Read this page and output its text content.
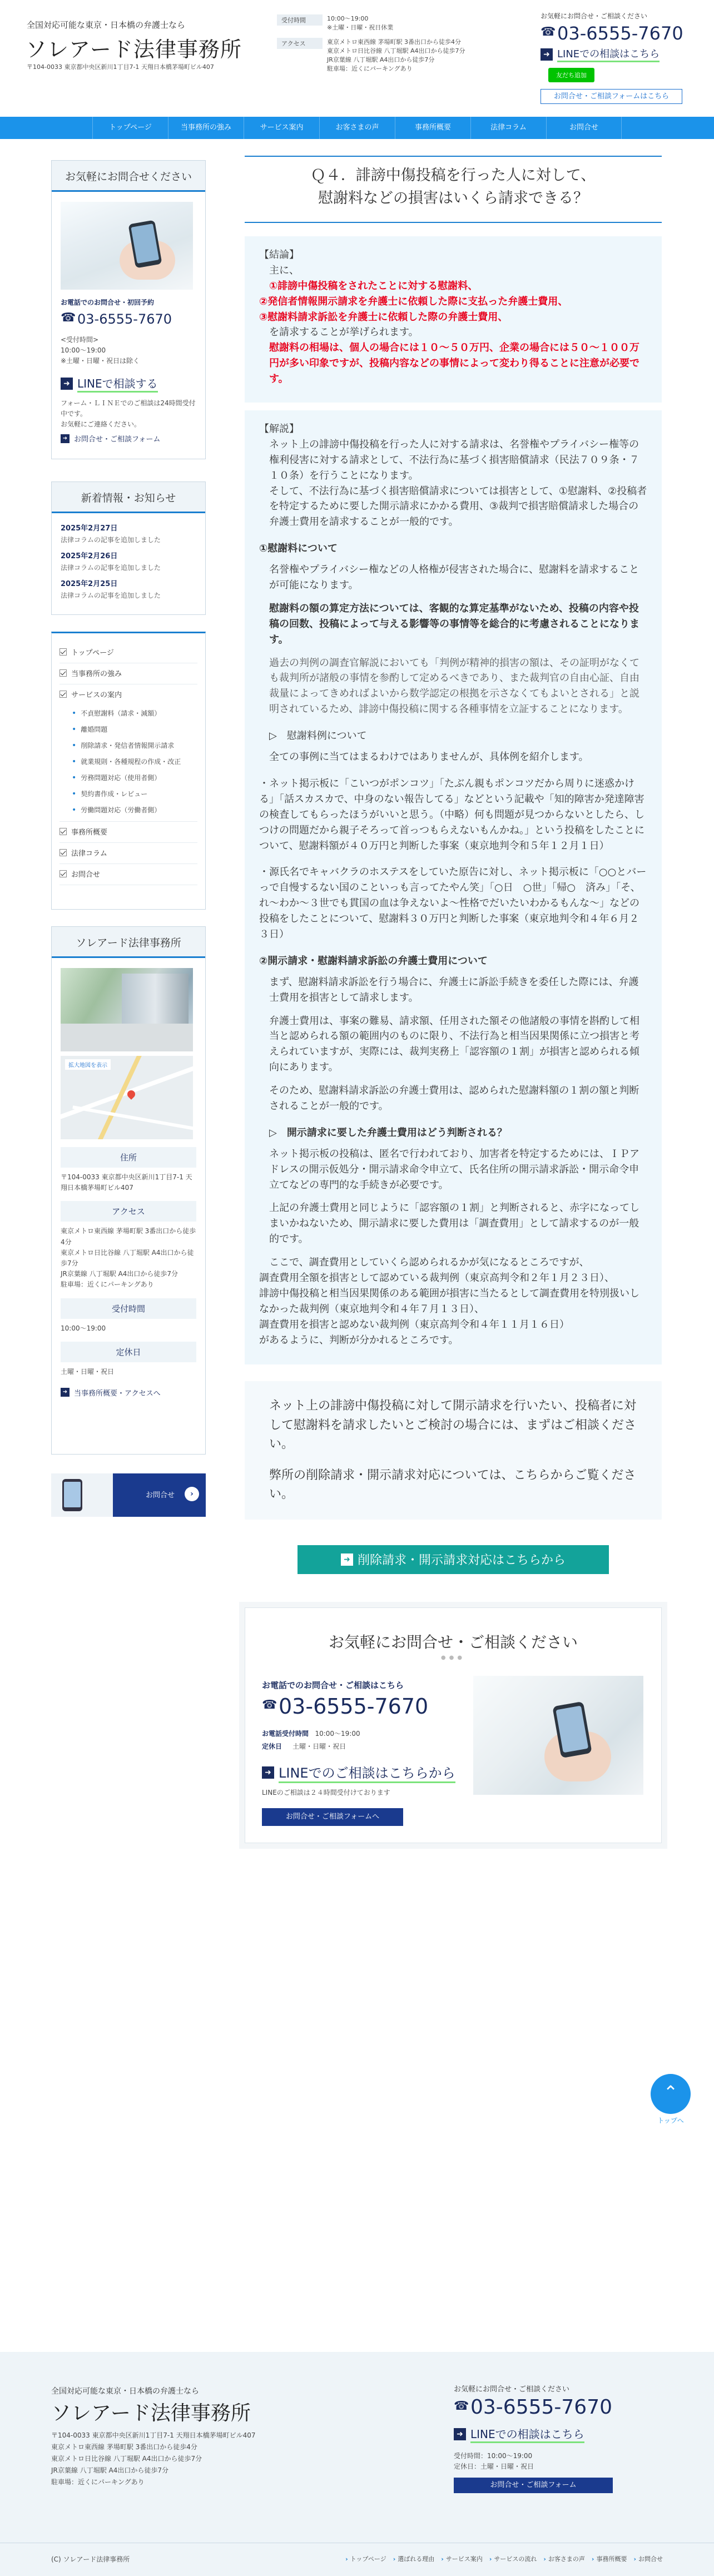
全国対応可能な東京・日本橋の弁護士なら
ソレアード法律事務所
〒104-0033 東京都中央区新川1丁目7-1 天翔日本橋茅場町ビル407
受付時間	10:00〜19:00
※土曜・日曜・祝日休業
アクセス	東京メトロ東西線 茅場町駅 3番出口から徒歩4分
東京メトロ日比谷線 八丁堀駅 A4出口から徒歩7分
JR京葉線 八丁堀駅 A4出口から徒歩7分
駐車場：近くにパーキングあり
お気軽にお問合せ・ご相談ください
☎
03-6555-7670
➜ LINEでの相談はこちら
友だち追加
お問合せ・ご相談フォームはこちら
トップページ	当事務所の強み	サービス案内	お客さまの声	事務所概要	法律コラム	お問合せ
お気軽にお問合せください
お電話でのお問合せ・初回予約
☎
03-6555-7670
<受付時間>
10:00〜19:00
※土曜・日曜・祝日は除く
➜ LINEで相談する
フォーム・ＬＩＮＥでのご相談は24時間受付中です。
お気軽にご連絡ください。
➜ お問合せ・ご相談フォーム
新着情報・お知らせ
2025年2月27日
法律コラムの記事を追加しました
2025年2月26日
法律コラムの記事を追加しました
2025年2月25日
法律コラムの記事を追加しました
トップページ
当事務所の強み
サービスの案内
• 不貞慰謝料（請求・減額）
• 離婚問題
• 削除請求・発信者情報開示請求
• 就業規則・各種規程の作成・改正
• 労務問題対応（使用者側）
• 契約書作成・レビュー
• 労働問題対応（労働者側）
事務所概要
法律コラム
お問合せ
ソレアード法律事務所
拡大地図を表示
住所
〒104-0033 東京都中央区新川1丁目7-1 天翔日本橋茅場町ビル407
アクセス
東京メトロ東西線 茅場町駅 3番出口から徒歩4分
東京メトロ日比谷線 八丁堀駅 A4出口から徒歩7分
JR京葉線 八丁堀駅 A4出口から徒歩7分
駐車場：近くにパーキングあり
受付時間
10:00〜19:00
定休日
土曜・日曜・祝日
➜ 当事務所概要・アクセスへ
お問合せ	›
Ｑ４．誹謗中傷投稿を行った人に対して、
慰謝料などの損害はいくら請求できる？
【結論】
主に、
①誹謗中傷投稿をされたことに対する慰謝料、
②発信者情報開示請求を弁護士に依頼した際に支払った弁護士費用、
③慰謝料請求訴訟を弁護士に依頼した際の弁護士費用、
を請求することが挙げられます。
慰謝料の相場は、個人の場合には１０〜５０万円、企業の場合には５０〜１００万円が多い印象ですが、投稿内容などの事情によって変わり得ることに注意が必要です。

【解説】

ネット上の誹謗中傷投稿を行った人に対する請求は、名誉権やプライバシー権等の権利侵害に対する請求として、不法行為に基づく損害賠償請求（民法７０９条・７１０条）を行うことになります。

そして、不法行為に基づく損害賠償請求については損害として、①慰謝料、②投稿者を特定するために要した開示請求にかかる費用、③裁判で損害賠償請求した場合の弁護士費用を請求することが一般的です。

①慰謝料について

名誉権やプライバシー権などの人格権が侵害された場合に、慰謝料を請求することが可能になります。

慰謝料の額の算定方法については、客観的な算定基準がないため、投稿の内容や投稿の回数、投稿によって与える影響等の事情等を総合的に考慮されることになります。

過去の判例の調査官解説においても「判例が精神的損害の額は、その証明がなくても裁判所が諸般の事情を参酌して定めるべきであり、また裁判官の自由心証、自由裁量によってきめればよいから数学認定の根拠を示さなくてもよいとされる」と説明されているため、誹謗中傷投稿に関する各種事情を立証することになります。

▷　慰謝料例について

全ての事例に当てはまるわけではありませんが、具体例を紹介します。

・ネット掲示板に「こいつがポンコツ」「たぶん親もポンコツだから周りに迷惑かける」「話スカスカで、中身のない報告してる」などという記載や「知的障害か発達障害の検査してもらったほうがいいと思う。（中略）何も問題が見つからないとしたら、しつけの問題だから親子そろって首っつもらえないもんかね。」という投稿をしたことについて、慰謝料額が４０万円と判断した事案（東京地判令和５年１２月１日）

・源氏名でキャバクラのホステスをしていた原告に対し、ネット掲示板に「○○とバーっで自慢するない国のこといっも言ってたやん笑」「○日　○世」「帰○　済み」「そ、れ〜わか〜３世でも貫国の血は争えないよ〜性格でだいたいわかるもんな〜」などの投稿をしたことについて、慰謝料３０万円と判断した事案（東京地判令和４年６月２３日）

②開示請求・慰謝料請求訴訟の弁護士費用について

まず、慰謝料請求訴訟を行う場合に、弁護士に訴訟手続きを委任した際には、弁護士費用を損害として請求します。

弁護士費用は、事案の難易、請求額、任用された額その他諸般の事情を斟酌して相当と認められる額の範囲内のものに限り、不法行為と相当因果関係に立つ損害と考えられていますが、実際には、裁判実務上「認容額の１割」が損害と認められる傾向にあります。

そのため、慰謝料請求訴訟の弁護士費用は、認められた慰謝料額の１割の額と判断されることが一般的です。

▷　開示請求に要した弁護士費用はどう判断される？

ネット掲示板の投稿は、匿名で行われており、加害者を特定するためには、ＩＰアドレスの開示仮処分・開示請求命令申立て、氏名住所の開示請求訴訟・開示命令申立てなどの専門的な手続きが必要です。

上記の弁護士費用と同じように「認容額の１割」と判断されると、赤字になってしまいかねないため、開示請求に要した費用は「調査費用」として請求するのが一般的です。

ここで、調査費用としていくら認められるかが気になるところですが、

調査費用全額を損害として認めている裁判例（東京高判令和２年１月２３日）、

誹謗中傷投稿と相当因果関係のある範囲が損害に当たるとして調査費用を特別扱いしなかった裁判例（東京地判令和４年７月１３日）、

調査費用を損害と認めない裁判例（東京高判令和４年１１月１６日）

があるように、判断が分かれるところです。

ネット上の誹謗中傷投稿に対して開示請求を行いたい、投稿者に対して慰謝料を請求したいとご検討の場合には、まずはご相談ください。

弊所の削除請求・開示請求対応については、こちらからご覧ください。

➜ 削除請求・開示請求対応はこちらから
お気軽にお問合せ・ご相談ください
●●●
お電話でのお問合せ・ご相談はこちら
☎
03-6555-7670
お電話受付時間 10:00〜19:00
定休日 土曜・日曜・祝日
➜ LINEでのご相談はこちらから
LINEのご相談は２４時間受付けております
お問合せ・ご相談フォームへ
⌃
トップへ
全国対応可能な東京・日本橋の弁護士なら
ソレアード法律事務所
〒104-0033 東京都中央区新川1丁目7-1 天翔日本橋茅場町ビル407
東京メトロ東西線 茅場町駅 3番出口から徒歩4分
東京メトロ日比谷線 八丁堀駅 A4出口から徒歩7分
JR京葉線 八丁堀駅 A4出口から徒歩7分
駐車場：近くにパーキングあり
お気軽にお問合せ・ご相談ください
☎
03-6555-7670
➜ LINEでの相談はこちら
受付時間：10:00〜19:00
定休日：土曜・日曜・祝日
お問合せ・ご相談フォーム
(C) ソレアード法律事務所	› トップページ	› 選ばれる理由	› サービス案内	› サービスの流れ	› お客さまの声	› 事務所概要	› お問合せ
